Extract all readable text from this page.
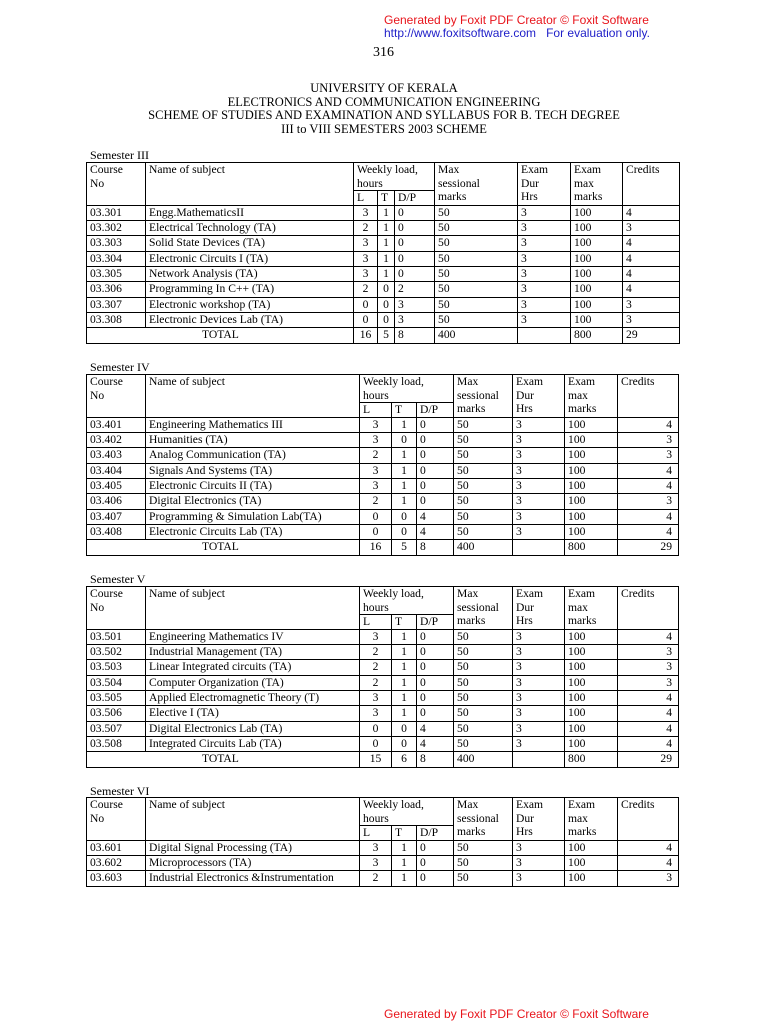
Generated by Foxit PDF Creator © Foxit Software
http://www.foxitsoftware.com For evaluation only.
316
UNIVERSITY OF KERALA
ELECTRONICS AND COMMUNICATION ENGINEERING
SCHEME OF STUDIES AND EXAMINATION AND SYLLABUS FOR B. TECH DEGREE
III to VIII SEMESTERS 2003 SCHEME
Semester III
Course
No	Name of subject	Weekly load,
hours			Max
sessional
marks	Exam
Dur
Hrs	Exam
max
marks	Credits
		L	T	D/P				
03.301	Engg.MathematicsII	3	1	0	50	3	100	4
03.302	Electrical Technology (TA)	2	1	0	50	3	100	3
03.303	Solid State Devices (TA)	3	1	0	50	3	100	4
03.304	Electronic Circuits I (TA)	3	1	0	50	3	100	4
03.305	Network Analysis (TA)	3	1	0	50	3	100	4
03.306	Programming In C++ (TA)	2	0	2	50	3	100	4
03.307	Electronic workshop (TA)	0	0	3	50	3	100	3
03.308	Electronic Devices Lab (TA)	0	0	3	50	3	100	3
TOTAL		16	5	8	400		800	29
Semester IV
Course
No	Name of subject	Weekly load,
hours			Max
sessional
marks	Exam
Dur
Hrs	Exam
max
marks	Credits
		L	T	D/P				
03.401	Engineering Mathematics III	3	1	0	50	3	100	4
03.402	Humanities (TA)	3	0	0	50	3	100	3
03.403	Analog Communication (TA)	2	1	0	50	3	100	3
03.404	Signals And Systems (TA)	3	1	0	50	3	100	4
03.405	Electronic Circuits II (TA)	3	1	0	50	3	100	4
03.406	Digital Electronics (TA)	2	1	0	50	3	100	3
03.407	Programming & Simulation Lab(TA)	0	0	4	50	3	100	4
03.408	Electronic Circuits Lab (TA)	0	0	4	50	3	100	4
TOTAL		16	5	8	400		800	29
Semester V
Course
No	Name of subject	Weekly load,
hours			Max
sessional
marks	Exam
Dur
Hrs	Exam
max
marks	Credits
		L	T	D/P				
03.501	Engineering Mathematics IV	3	1	0	50	3	100	4
03.502	Industrial Management (TA)	2	1	0	50	3	100	3
03.503	Linear Integrated circuits (TA)	2	1	0	50	3	100	3
03.504	Computer Organization (TA)	2	1	0	50	3	100	3
03.505	Applied Electromagnetic Theory (T)	3	1	0	50	3	100	4
03.506	Elective I (TA)	3	1	0	50	3	100	4
03.507	Digital Electronics Lab (TA)	0	0	4	50	3	100	4
03.508	Integrated Circuits Lab (TA)	0	0	4	50	3	100	4
TOTAL		15	6	8	400		800	29
Semester VI
Course
No	Name of subject	Weekly load,
hours			Max
sessional
marks	Exam
Dur
Hrs	Exam
max
marks	Credits
		L	T	D/P				
03.601	Digital Signal Processing (TA)	3	1	0	50	3	100	4
03.602	Microprocessors (TA)	3	1	0	50	3	100	4
03.603	Industrial Electronics &Instrumentation	2	1	0	50	3	100	3
Generated by Foxit PDF Creator © Foxit Software
